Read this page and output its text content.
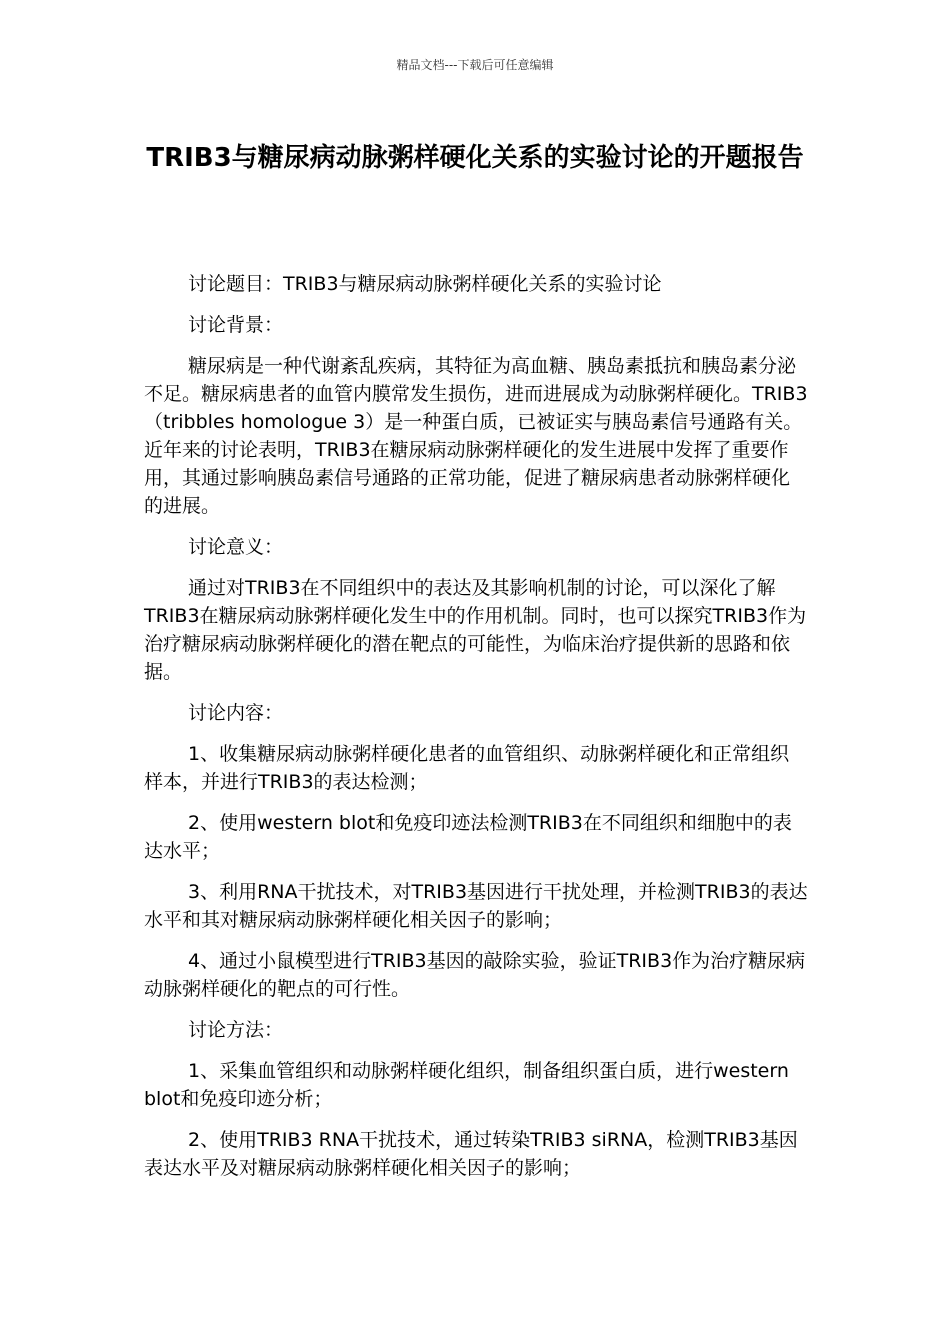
精品文档---下载后可任意编辑
TRIB3与糖尿病动脉粥样硬化关系的实验讨论的开题报告

讨论题目：TRIB3与糖尿病动脉粥样硬化关系的实验讨论

讨论背景：

糖尿病是一种代谢紊乱疾病，其特征为高血糖、胰岛素抵抗和胰岛素分泌不足。糖尿病患者的血管内膜常发生损伤，进而进展成为动脉粥样硬化。TRIB3（tribbles homologue 3）是一种蛋白质，已被证实与胰岛素信号通路有关。近年来的讨论表明，TRIB3在糖尿病动脉粥样硬化的发生进展中发挥了重要作用，其通过影响胰岛素信号通路的正常功能，促进了糖尿病患者动脉粥样硬化的进展。

讨论意义：

通过对TRIB3在不同组织中的表达及其影响机制的讨论，可以深化了解TRIB3在糖尿病动脉粥样硬化发生中的作用机制。同时，也可以探究TRIB3作为治疗糖尿病动脉粥样硬化的潜在靶点的可能性，为临床治疗提供新的思路和依据。

讨论内容：

1、收集糖尿病动脉粥样硬化患者的血管组织、动脉粥样硬化和正常组织样本，并进行TRIB3的表达检测；

2、使用western blot和免疫印迹法检测TRIB3在不同组织和细胞中的表达水平；

3、利用RNA干扰技术，对TRIB3基因进行干扰处理，并检测TRIB3的表达水平和其对糖尿病动脉粥样硬化相关因子的影响；

4、通过小鼠模型进行TRIB3基因的敲除实验，验证TRIB3作为治疗糖尿病动脉粥样硬化的靶点的可行性。

讨论方法：

1、采集血管组织和动脉粥样硬化组织，制备组织蛋白质，进行western blot和免疫印迹分析；

2、使用TRIB3 RNA干扰技术，通过转染TRIB3 siRNA，检测TRIB3基因表达水平及对糖尿病动脉粥样硬化相关因子的影响；
